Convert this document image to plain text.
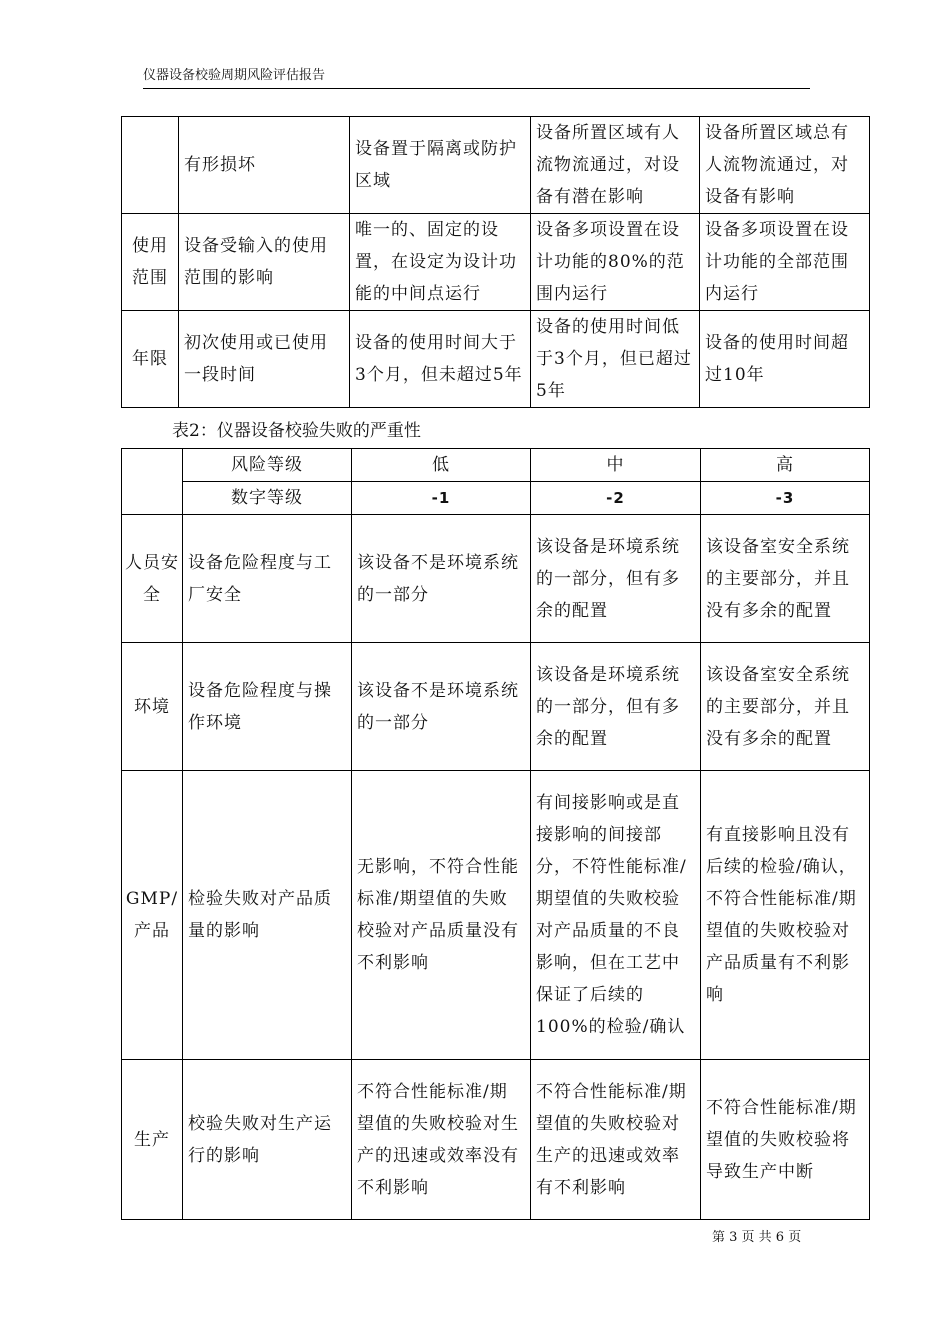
仪器设备校验周期风险评估报告
	有形损坏	设备置于隔离或防护区域	设备所置区域有人流物流通过，对设备有潜在影响	设备所置区域总有人流物流通过，对设备有影响
使用范围	设备受输入的使用范围的影响	唯一的、固定的设置，在设定为设计功能的中间点运行	设备多项设置在设计功能的80%的范围内运行	设备多项设置在设计功能的全部范围内运行
年限	初次使用或已使用一段时间	设备的使用时间大于3个月，但未超过5年	设备的使用时间低于3个月，但已超过5年	设备的使用时间超过10年
表2：仪器设备校验失败的严重性
	风险等级	低	中	高
	数字等级	-1	-2	-3
人员安全	设备危险程度与工厂安全	该设备不是环境系统的一部分	该设备是环境系统的一部分，但有多余的配置	该设备室安全系统的主要部分，并且没有多余的配置
环境	设备危险程度与操作环境	该设备不是环境系统的一部分	该设备是环境系统的一部分，但有多余的配置	该设备室安全系统的主要部分，并且没有多余的配置
GMP/产品	检验失败对产品质量的影响	无影响，不符合性能标准/期望值的失败校验对产品质量没有不利影响	有间接影响或是直接影响的间接部分，不符性能标准/期望值的失败校验对产品质量的不良影响，但在工艺中保证了后续的100%的检验/确认	有直接影响且没有后续的检验/确认，不符合性能标准/期望值的失败校验对产品质量有不利影响
生产	校验失败对生产运行的影响	不符合性能标准/期望值的失败校验对生产的迅速或效率没有不利影响	不符合性能标准/期望值的失败校验对生产的迅速或效率有不利影响	不符合性能标准/期望值的失败校验将导致生产中断
第 3 页 共 6 页
